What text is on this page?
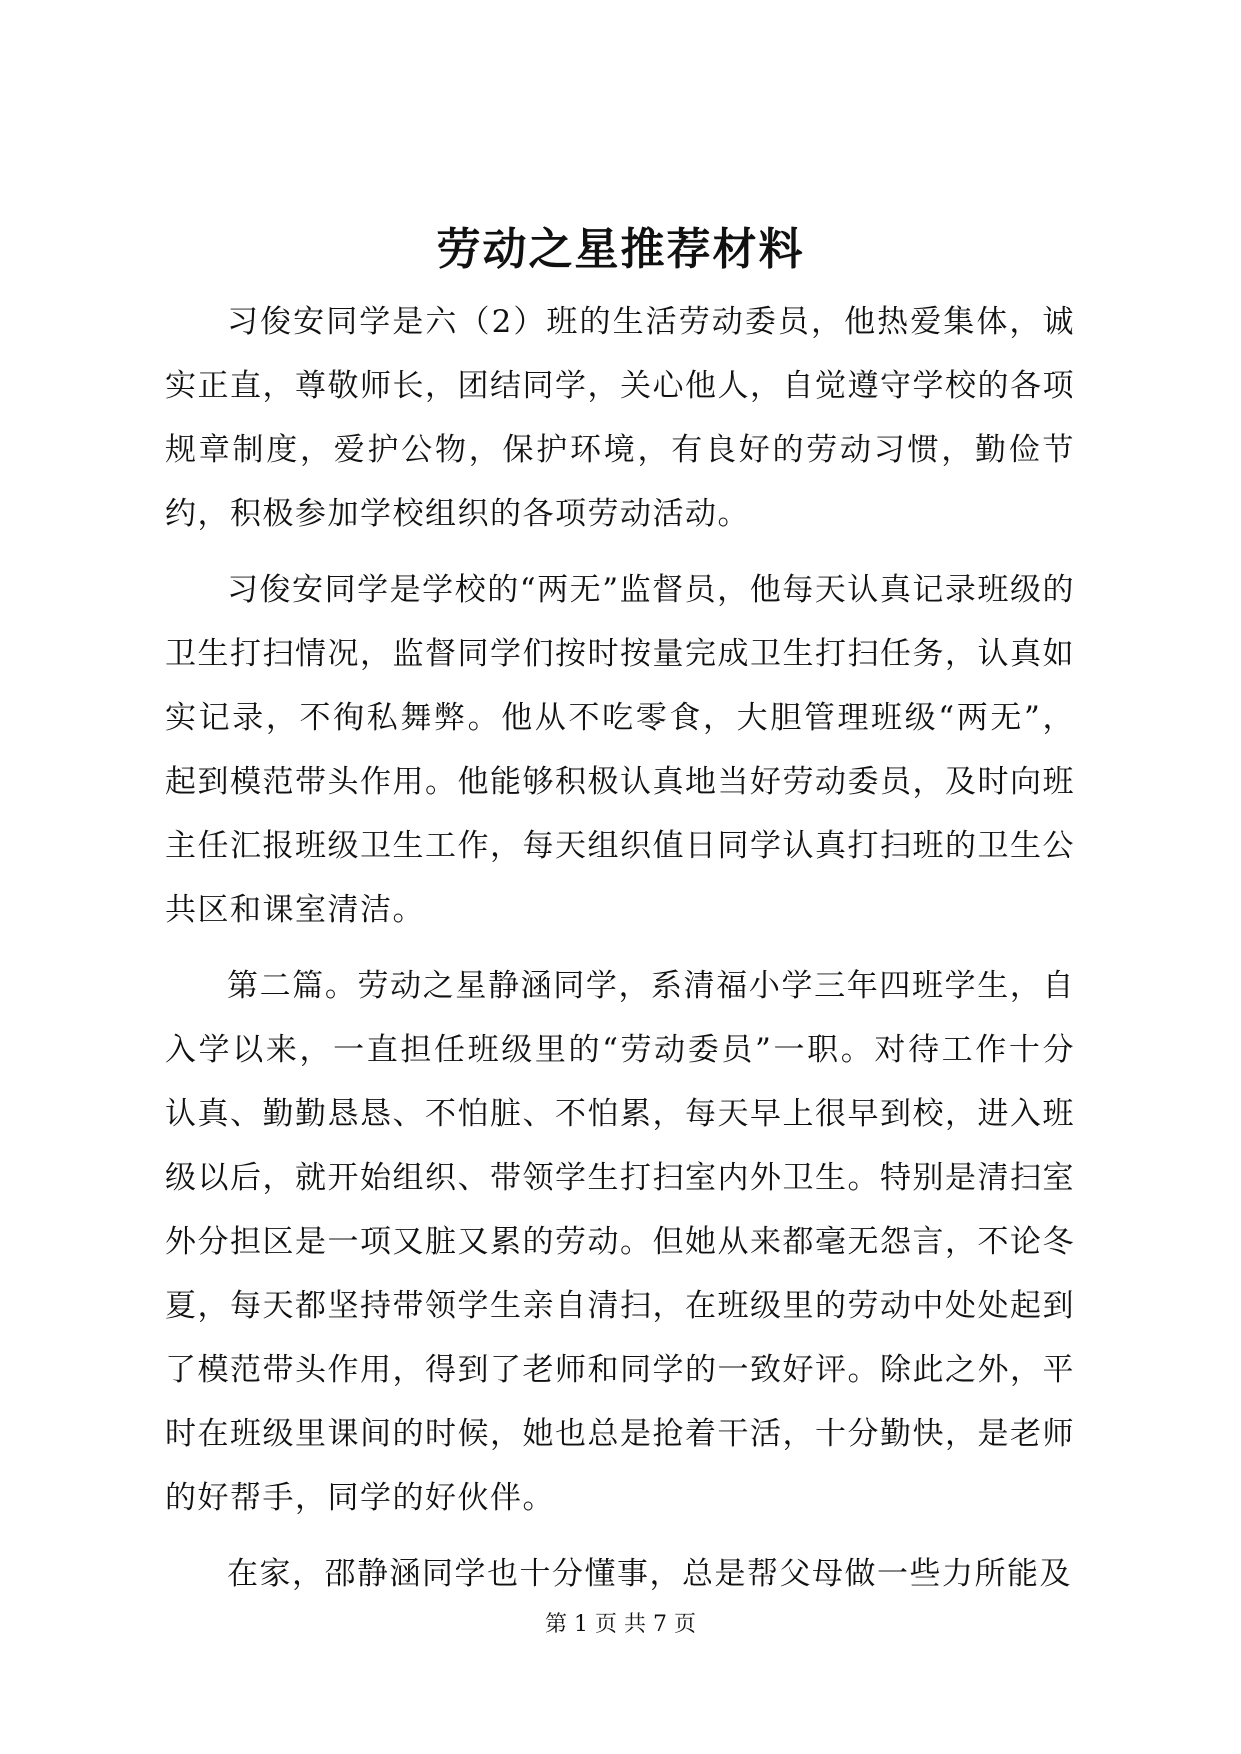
劳动之星推荐材料

习俊安同学是六（2）班的生活劳动委员，他热爱集体，诚实正直，尊敬师长，团结同学，关心他人，自觉遵守学校的各项规章制度，爱护公物，保护环境，有良好的劳动习惯，勤俭节约，积极参加学校组织的各项劳动活动。

习俊安同学是学校的“两无”监督员，他每天认真记录班级的卫生打扫情况，监督同学们按时按量完成卫生打扫任务，认真如实记录，不徇私舞弊。他从不吃零食，大胆管理班级“两无”，起到模范带头作用。他能够积极认真地当好劳动委员，及时向班主任汇报班级卫生工作，每天组织值日同学认真打扫班的卫生公共区和课室清洁。

第二篇。劳动之星静涵同学，系清福小学三年四班学生，自入学以来，一直担任班级里的“劳动委员”一职。对待工作十分认真、勤勤恳恳、不怕脏、不怕累，每天早上很早到校，进入班级以后，就开始组织、带领学生打扫室内外卫生。特别是清扫室外分担区是一项又脏又累的劳动。但她从来都毫无怨言，不论冬夏，每天都坚持带领学生亲自清扫，在班级里的劳动中处处起到了模范带头作用，得到了老师和同学的一致好评。除此之外，平时在班级里课间的时候，她也总是抢着干活，十分勤快，是老师的好帮手，同学的好伙伴。

在家，邵静涵同学也十分懂事，总是帮父母做一些力所能及

第 1 页 共 7 页
